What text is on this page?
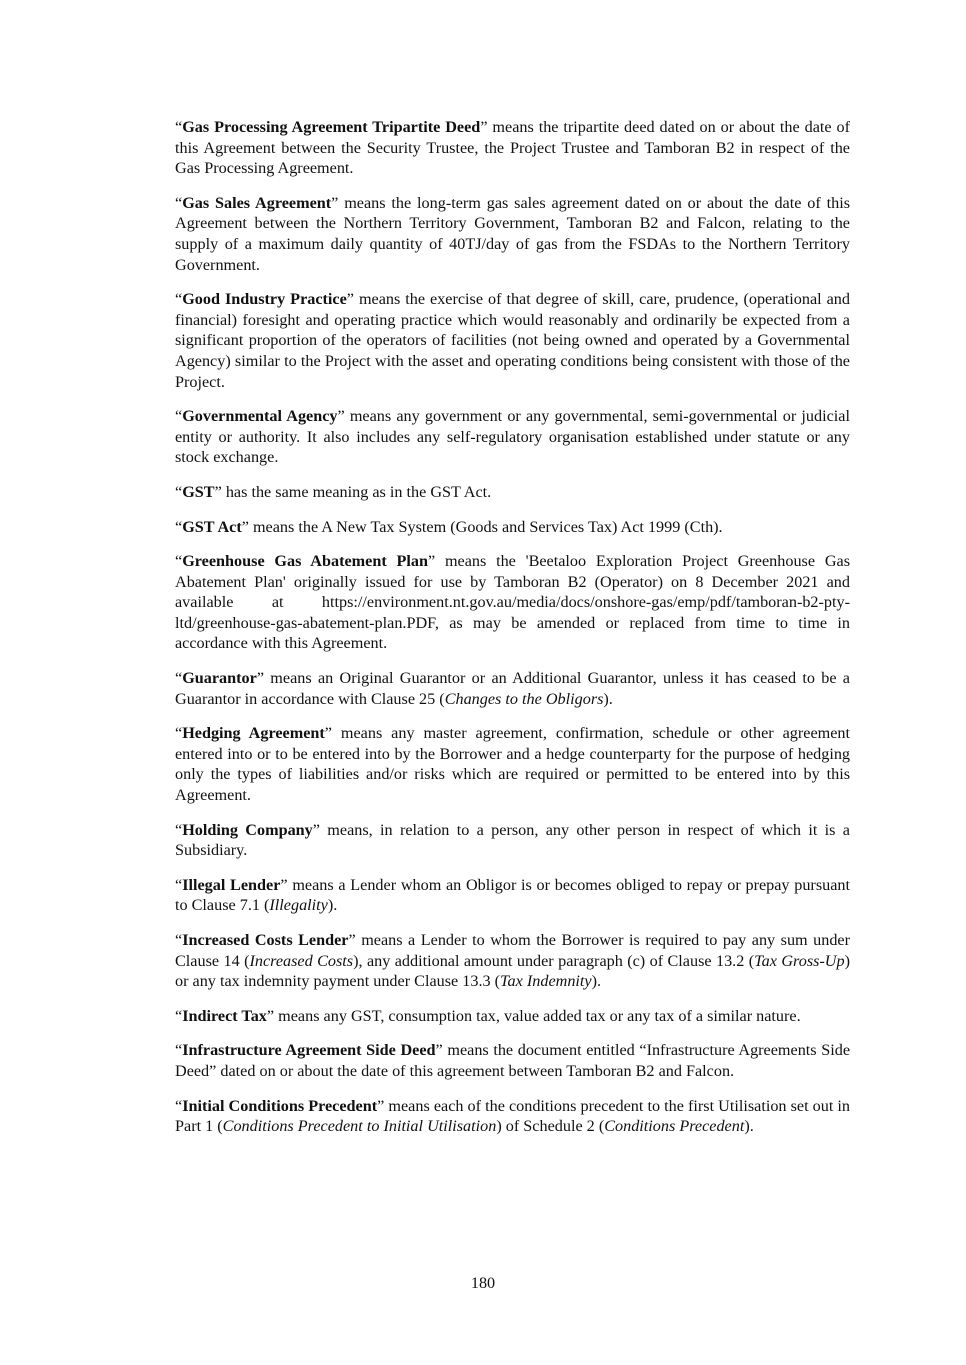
“Gas Processing Agreement Tripartite Deed” means the tripartite deed dated on or about the date of this Agreement between the Security Trustee, the Project Trustee and Tamboran B2 in respect of the Gas Processing Agreement.

“Gas Sales Agreement” means the long-term gas sales agreement dated on or about the date of this Agreement between the Northern Territory Government, Tamboran B2 and Falcon, relating to the supply of a maximum daily quantity of 40TJ/day of gas from the FSDAs to the Northern Territory Government.

“Good Industry Practice” means the exercise of that degree of skill, care, prudence, (operational and financial) foresight and operating practice which would reasonably and ordinarily be expected from a significant proportion of the operators of facilities (not being owned and operated by a Governmental Agency) similar to the Project with the asset and operating conditions being consistent with those of the Project.

“Governmental Agency” means any government or any governmental, semi-governmental or judicial entity or authority. It also includes any self-regulatory organisation established under statute or any stock exchange.

“GST” has the same meaning as in the GST Act.

“GST Act” means the A New Tax System (Goods and Services Tax) Act 1999 (Cth).

“Greenhouse Gas Abatement Plan” means the 'Beetaloo Exploration Project Greenhouse Gas Abatement Plan' originally issued for use by Tamboran B2 (Operator) on 8 December 2021 and available at https://environment.nt.gov.au/media/docs/onshore-gas/emp/pdf/tamboran-b2-pty-ltd/greenhouse-gas-abatement-plan.PDF, as may be amended or replaced from time to time in accordance with this Agreement.

“Guarantor” means an Original Guarantor or an Additional Guarantor, unless it has ceased to be a Guarantor in accordance with Clause 25 (Changes to the Obligors).

“Hedging Agreement” means any master agreement, confirmation, schedule or other agreement entered into or to be entered into by the Borrower and a hedge counterparty for the purpose of hedging only the types of liabilities and/or risks which are required or permitted to be entered into by this Agreement.

“Holding Company” means, in relation to a person, any other person in respect of which it is a Subsidiary.

“Illegal Lender” means a Lender whom an Obligor is or becomes obliged to repay or prepay pursuant to Clause 7.1 (Illegality).

“Increased Costs Lender” means a Lender to whom the Borrower is required to pay any sum under Clause 14 (Increased Costs), any additional amount under paragraph (c) of Clause 13.2 (Tax Gross-Up) or any tax indemnity payment under Clause 13.3 (Tax Indemnity).

“Indirect Tax” means any GST, consumption tax, value added tax or any tax of a similar nature.

“Infrastructure Agreement Side Deed” means the document entitled “Infrastructure Agreements Side Deed” dated on or about the date of this agreement between Tamboran B2 and Falcon.

“Initial Conditions Precedent” means each of the conditions precedent to the first Utilisation set out in Part 1 (Conditions Precedent to Initial Utilisation) of Schedule 2 (Conditions Precedent).

180
